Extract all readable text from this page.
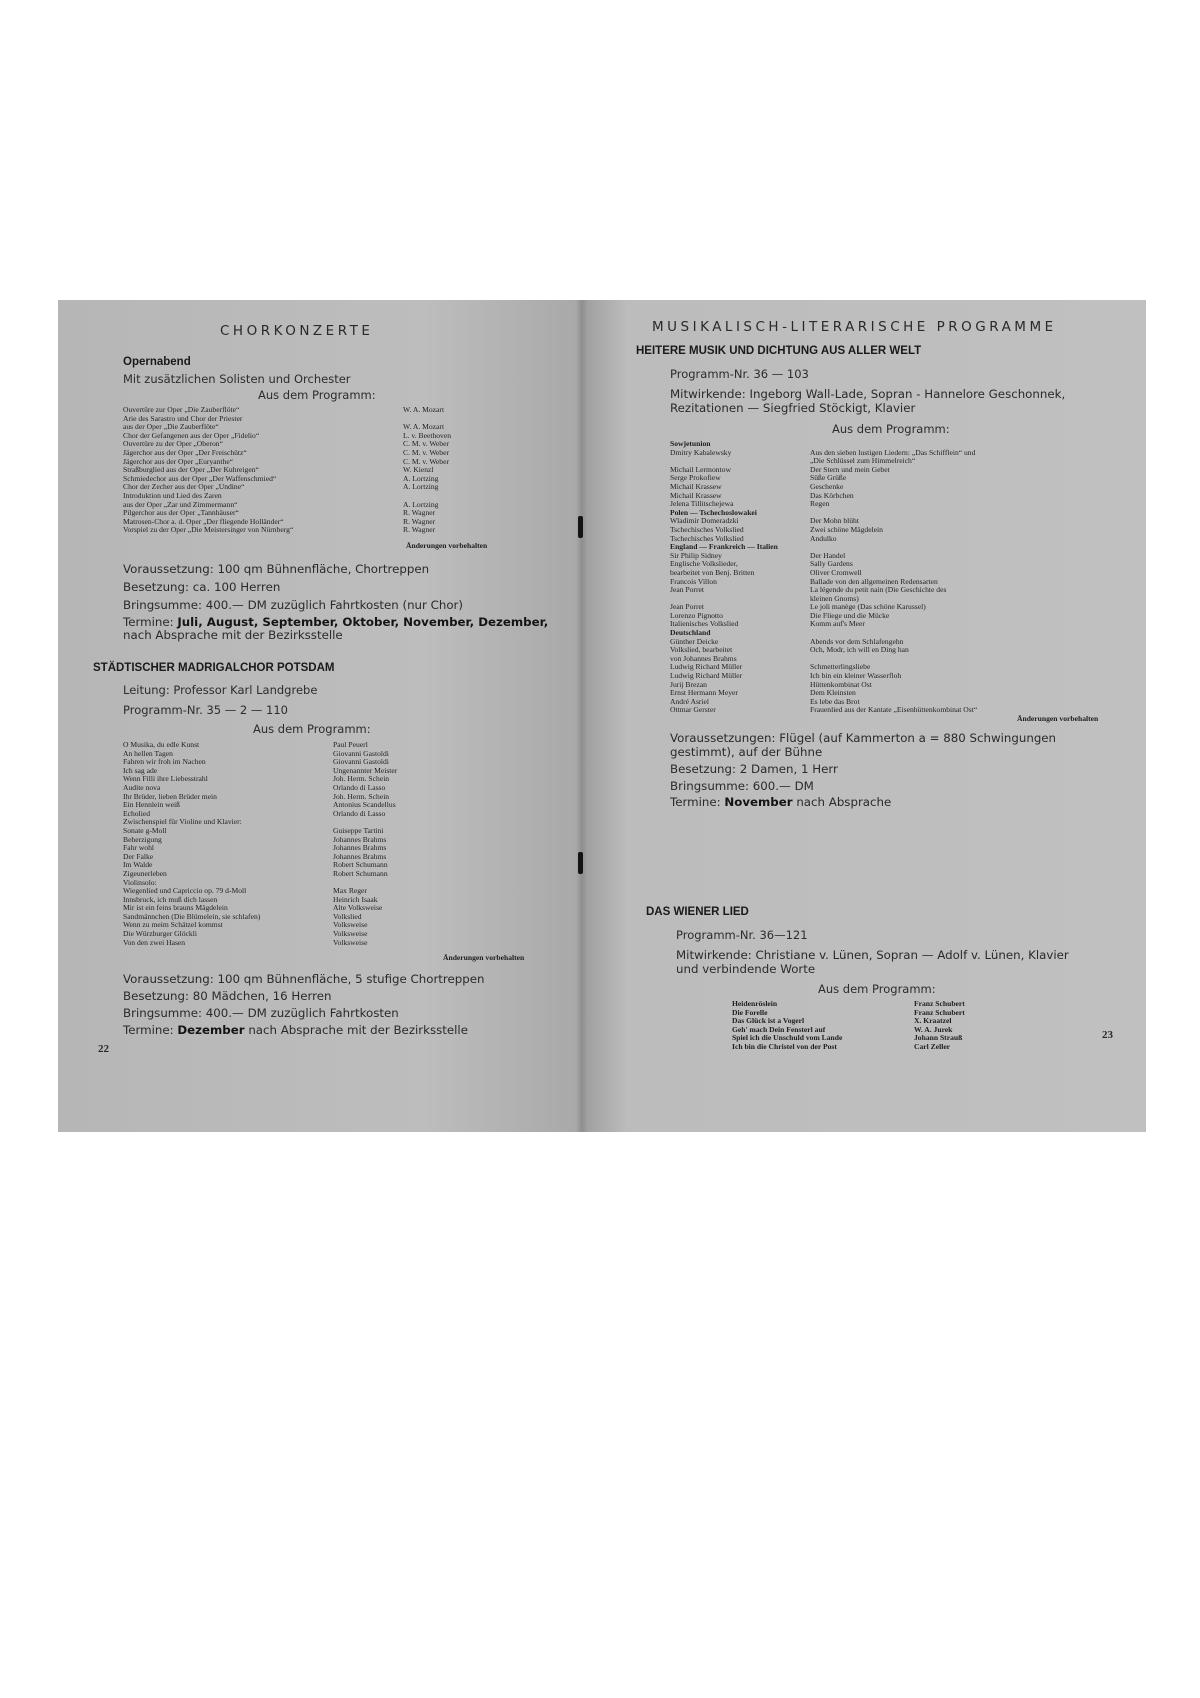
CHORKONZERTE
Opernabend
Mit zusätzlichen Solisten und Orchester
Aus dem Programm:
Ouvertüre zur Oper „Die Zauberflöte“
Arie des Sarastro und Chor der Priester
aus der Oper „Die Zauberflöte“
Chor der Gefangenen aus der Oper „Fidelio“
Ouvertüre zu der Oper „Oberon“
Jägerchor aus der Oper „Der Freischütz“
Jägerchor aus der Oper „Euryanthe“
Straßburglied aus der Oper „Der Kuhreigen“
Schmiedechor aus der Oper „Der Waffenschmied“
Chor der Zecher aus der Oper „Undine“
Introduktion und Lied des Zaren
aus der Oper „Zar und Zimmermann“
Pilgerchor aus der Oper „Tannhäuser“
Matrosen-Chor a. d. Oper „Der fliegende Holländer“
Vorspiel zu der Oper „Die Meistersinger von Nürnberg“
W. A. Mozart
W. A. Mozart
L. v. Beethoven
C. M. v. Weber
C. M. v. Weber
C. M. v. Weber
W. Kienzl
A. Lortzing
A. Lortzing
A. Lortzing
R. Wagner
R. Wagner
R. Wagner
Änderungen vorbehalten
Voraussetzung: 100 qm Bühnenfläche, Chortreppen
Besetzung: ca. 100 Herren
Bringsumme: 400.— DM zuzüglich Fahrtkosten (nur Chor)
Termine: Juli, August, September, Oktober, November, Dezember,
nach Absprache mit der Bezirksstelle
STÄDTISCHER MADRIGALCHOR POTSDAM
Leitung: Professor Karl Landgrebe
Programm-Nr. 35 — 2 — 110
Aus dem Programm:
O Musika, du edle Kunst
An hellen Tagen
Fahren wir froh im Nachen
Ich sag ade
Wenn Filli ihre Liebesstrahl
Audite nova
Ihr Brüder, lieben Brüder mein
Ein Hennlein weiß
Echolied
Zwischenspiel für Violine und Klavier:
Sonate g-Moll
Beherzigung
Fahr wohl
Der Falke
Im Walde
Zigeunerleben
Violinsolo:
Wiegenlied und Capriccio op. 79 d-Moll
Innsbruck, ich muß dich lassen
Mir ist ein feins brauns Mägdelein
Sandmännchen (Die Blümelein, sie schlafen)
Wenn zu meim Schätzel kommst
Die Würzburger Glöckli
Von den zwei Hasen
Paul Peuerl
Giovanni Gastoldi
Giovanni Gastoldi
Ungenannter Meister
Joh. Herm. Schein
Orlando di Lasso
Joh. Herm. Schein
Antonius Scandellus
Orlando di Lasso
Guiseppe Tartini
Johannes Brahms
Johannes Brahms
Johannes Brahms
Robert Schumann
Robert Schumann
Max Reger
Heinrich Isaak
Alte Volksweise
Volkslied
Volksweise
Volksweise
Volksweise
Änderungen vorbehalten
Voraussetzung: 100 qm Bühnenfläche, 5 stufige Chortreppen
Besetzung: 80 Mädchen, 16 Herren
Bringsumme: 400.— DM zuzüglich Fahrtkosten
Termine: Dezember nach Absprache mit der Bezirksstelle
22
MUSIKALISCH-LITERARISCHE PROGRAMME
HEITERE MUSIK UND DICHTUNG AUS ALLER WELT
Programm-Nr. 36 — 103
Mitwirkende: Ingeborg Wall-Lade, Sopran - Hannelore Geschonnek,
Rezitationen — Siegfried Stöckigt, Klavier
Aus dem Programm:
Sowjetunion
Dmitry Kabalewsky
Michail Lermontow
Serge Prokofiew
Michail Krassew
Michail Krassew
Jelena Tillitschejewa
Polen — Tschechoslowakei
Wladimir Domeradzki
Tschechisches Volkslied
Tschechisches Volkslied
England — Frankreich — Italien
Sir Philip Sidney
Englische Volkslieder,
bearbeitet von Benj. Britten
Francois Villon
Jean Porret
Jean Porret
Lorenzo Pignotto
Italienisches Volkslied
Deutschland
Günther Deicke
Volkslied, bearbeitet
von Johannes Brahms
Ludwig Richard Müller
Ludwig Richard Müller
Jurij Brezan
Ernst Hermann Meyer
André Asriel
Ottmar Gerster
Aus den sieben lustigen Liedern: „Das Schifflein“ und
„Die Schlüssel zum Himmelreich“
Der Stern und mein Gebet
Süße Grüße
Geschenke
Das Körbchen
Regen
Der Mohn blüht
Zwei schöne Mägdelein
Andulko
Der Handel
Sally Gardens
Oliver Cromwell
Ballade von den allgemeinen Redensarten
La légende du petit nain (Die Geschichte des
kleinen Gnoms)
Le joli manège (Das schöne Karussel)
Die Fliege und die Mücke
Komm auf's Meer
Abends vor dem Schlafengehn
Och, Modr, ich will en Ding han
Schmetterlingsliebe
Ich bin ein kleiner Wasserfloh
Hüttenkombinat Ost
Dem Kleinsten
Es lebe das Brot
Frauenlied aus der Kantate „Eisenhüttenkombinat Ost“
Änderungen vorbehalten
Voraussetzungen: Flügel (auf Kammerton a = 880 Schwingungen
gestimmt), auf der Bühne
Besetzung: 2 Damen, 1 Herr
Bringsumme: 600.— DM
Termine: November nach Absprache
DAS WIENER LIED
Programm-Nr. 36—121
Mitwirkende: Christiane v. Lünen, Sopran — Adolf v. Lünen, Klavier
und verbindende Worte
Aus dem Programm:
Heidenröslein
Die Forelle
Das Glück ist a Vogerl
Geh' mach Dein Fensterl auf
Spiel ich die Unschuld vom Lande
Ich bin die Christel von der Post
Franz Schubert
Franz Schubert
X. Kraatzel
W. A. Jurek
Johann Strauß
Carl Zeller
23
